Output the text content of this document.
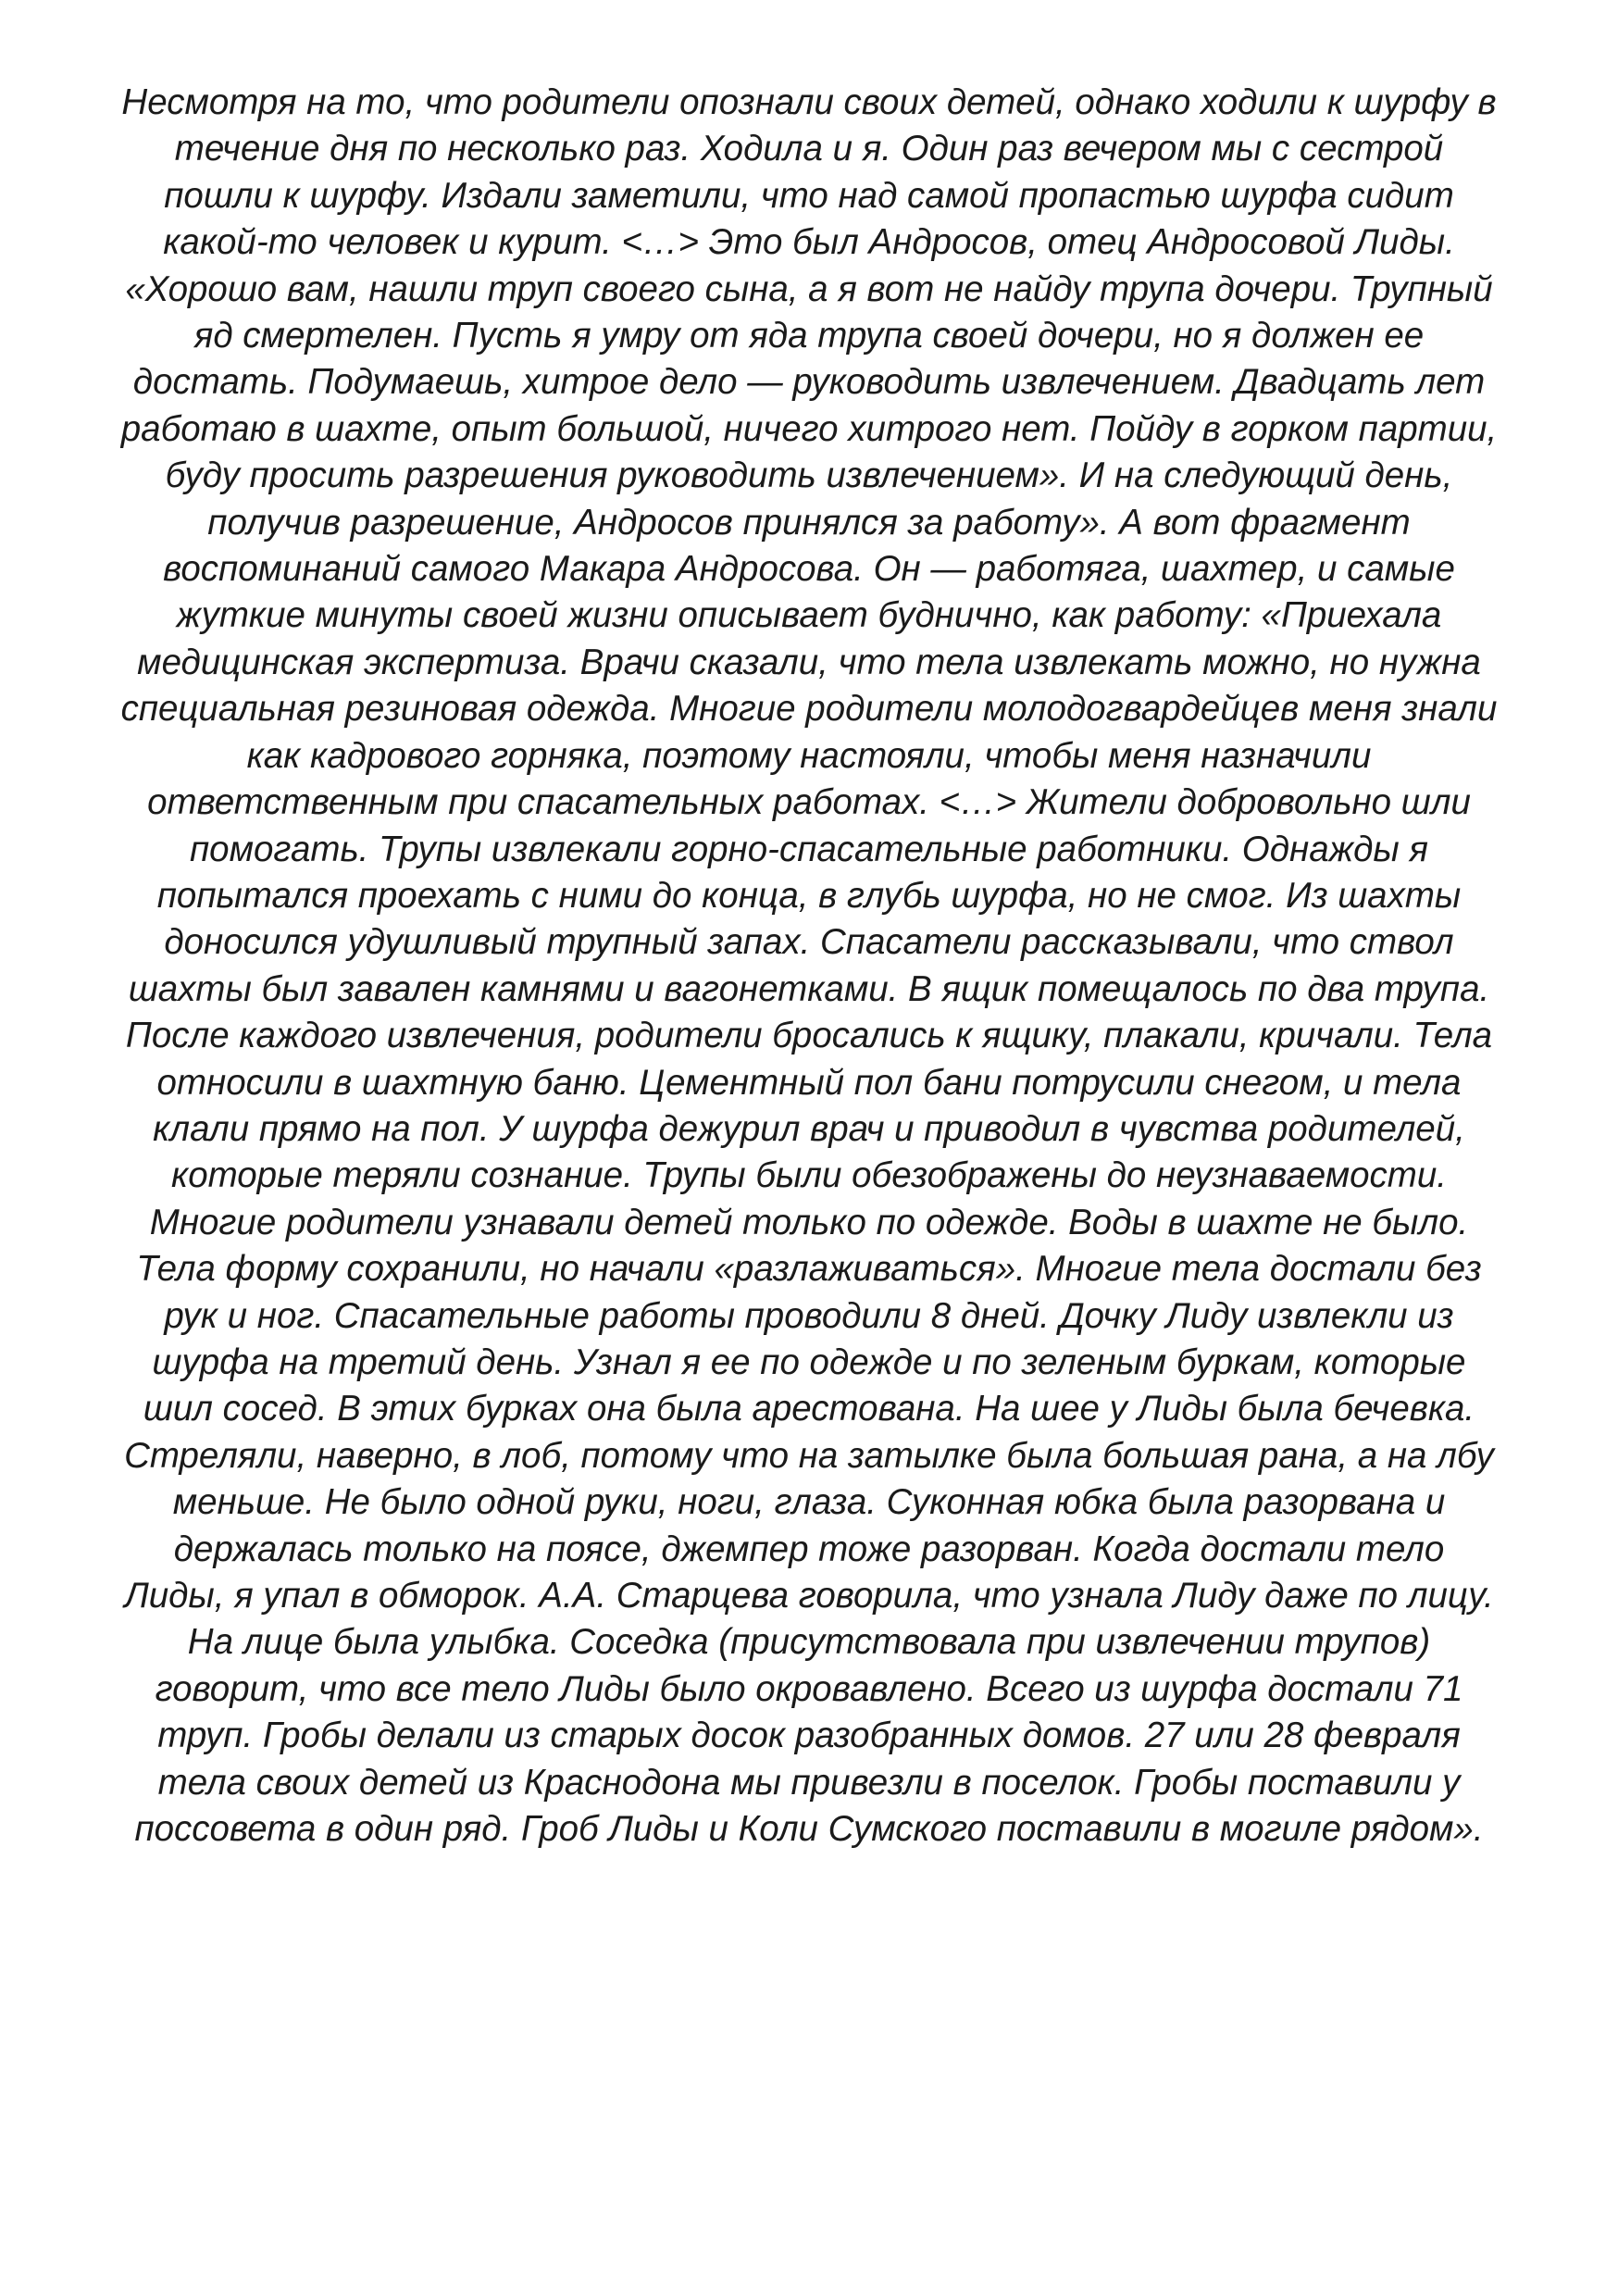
Несмотря на то, что родители опознали своих детей, однако ходили к шурфу в
течение дня по несколько раз. Ходила и я. Один раз вечером мы с сестрой
пошли к шурфу. Издали заметили, что над самой пропастью шурфа сидит
какой-то человек и курит. <…> Это был Андросов, отец Андросовой Лиды.
«Хорошо вам, нашли труп своего сына, а я вот не найду трупа дочери. Трупный
яд смертелен. Пусть я умру от яда трупа своей дочери, но я должен ее
достать. Подумаешь, хитрое дело — руководить извлечением. Двадцать лет
работаю в шахте, опыт большой, ничего хитрого нет. Пойду в горком партии,
буду просить разрешения руководить извлечением». И на следующий день,
получив разрешение, Андросов принялся за работу». А вот фрагмент
воспоминаний самого Макара Андросова. Он — работяга, шахтер, и самые
жуткие минуты своей жизни описывает буднично, как работу: «Приехала
медицинская экспертиза. Врачи сказали, что тела извлекать можно, но нужна
специальная резиновая одежда. Многие родители молодогвардейцев меня знали
как кадрового горняка, поэтому настояли, чтобы меня назначили
ответственным при спасательных работах. <…> Жители добровольно шли
помогать. Трупы извлекали горно-спасательные работники. Однажды я
попытался проехать с ними до конца, в глубь шурфа, но не смог. Из шахты
доносился удушливый трупный запах. Спасатели рассказывали, что ствол
шахты был завален камнями и вагонетками. В ящик помещалось по два трупа.
После каждого извлечения, родители бросались к ящику, плакали, кричали. Тела
относили в шахтную баню. Цементный пол бани потрусили снегом, и тела
клали прямо на пол. У шурфа дежурил врач и приводил в чувства родителей,
которые теряли сознание. Трупы были обезображены до неузнаваемости.
Многие родители узнавали детей только по одежде. Воды в шахте не было.
Тела форму сохранили, но начали «разлаживаться». Многие тела достали без
рук и ног. Спасательные работы проводили 8 дней. Дочку Лиду извлекли из
шурфа на третий день. Узнал я ее по одежде и по зеленым буркам, которые
шил сосед. В этих бурках она была арестована. На шее у Лиды была бечевка.
Стреляли, наверно, в лоб, потому что на затылке была большая рана, а на лбу
меньше. Не было одной руки, ноги, глаза. Суконная юбка была разорвана и
держалась только на поясе, джемпер тоже разорван. Когда достали тело
Лиды, я упал в обморок. А.А. Старцева говорила, что узнала Лиду даже по лицу.
На лице была улыбка. Соседка (присутствовала при извлечении трупов)
говорит, что все тело Лиды было окровавлено. Всего из шурфа достали 71
труп. Гробы делали из старых досок разобранных домов. 27 или 28 февраля
тела своих детей из Краснодона мы привезли в поселок. Гробы поставили у
поссовета в один ряд. Гроб Лиды и Коли Сумского поставили в могиле рядом».
